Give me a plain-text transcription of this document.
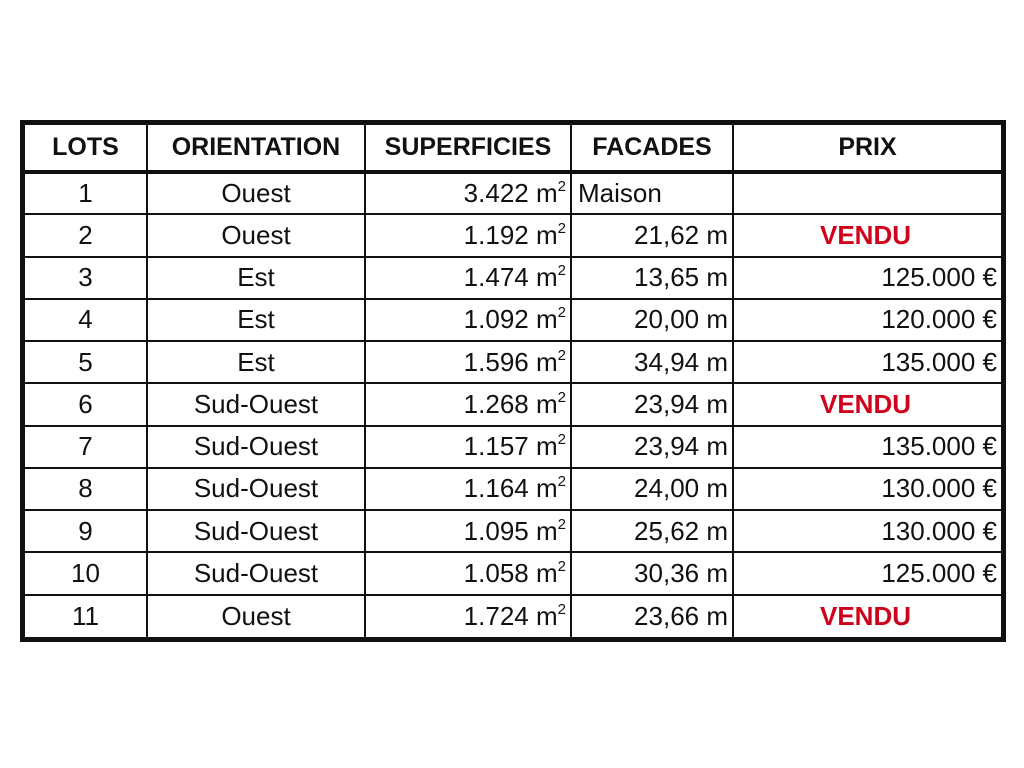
LOTS	ORIENTATION	SUPERFICIES	FACADES	PRIX
1	Ouest	3.422 $m^2$	Maison	
2	Ouest	1.192 $m^2$	21,62 m	VENDU
3	Est	1.474 $m^2$	13,65 m	125.000 €
4	Est	1.092 $m^2$	20,00 m	120.000 €
5	Est	1.596 $m^2$	34,94 m	135.000 €
6	Sud-Ouest	1.268 $m^2$	23,94 m	VENDU
7	Sud-Ouest	1.157 $m^2$	23,94 m	135.000 €
8	Sud-Ouest	1.164 $m^2$	24,00 m	130.000 €
9	Sud-Ouest	1.095 $m^2$	25,62 m	130.000 €
10	Sud-Ouest	1.058 $m^2$	30,36 m	125.000 €
11	Ouest	1.724 $m^2$	23,66 m	VENDU
